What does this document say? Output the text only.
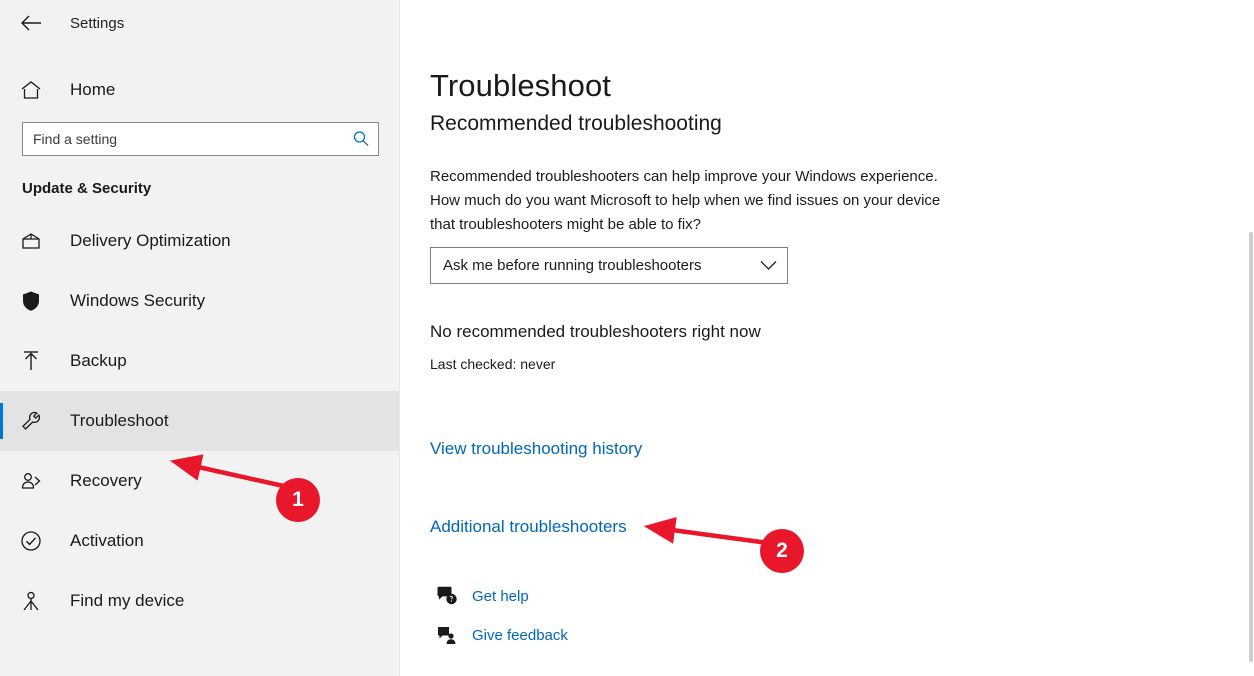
Settings
Home
Find a setting
Update & Security
Delivery Optimization
Windows Security
Backup
Troubleshoot
Recovery
Activation
Find my device
Troubleshoot
Recommended troubleshooting
Recommended troubleshooters can help improve your Windows experience. How much do you want Microsoft to help when we find issues on your device that troubleshooters might be able to fix?
Ask me before running troubleshooters
No recommended troubleshooters right now
Last checked: never
View troubleshooting history
Additional troubleshooters
Get help
Give feedback
1
2
